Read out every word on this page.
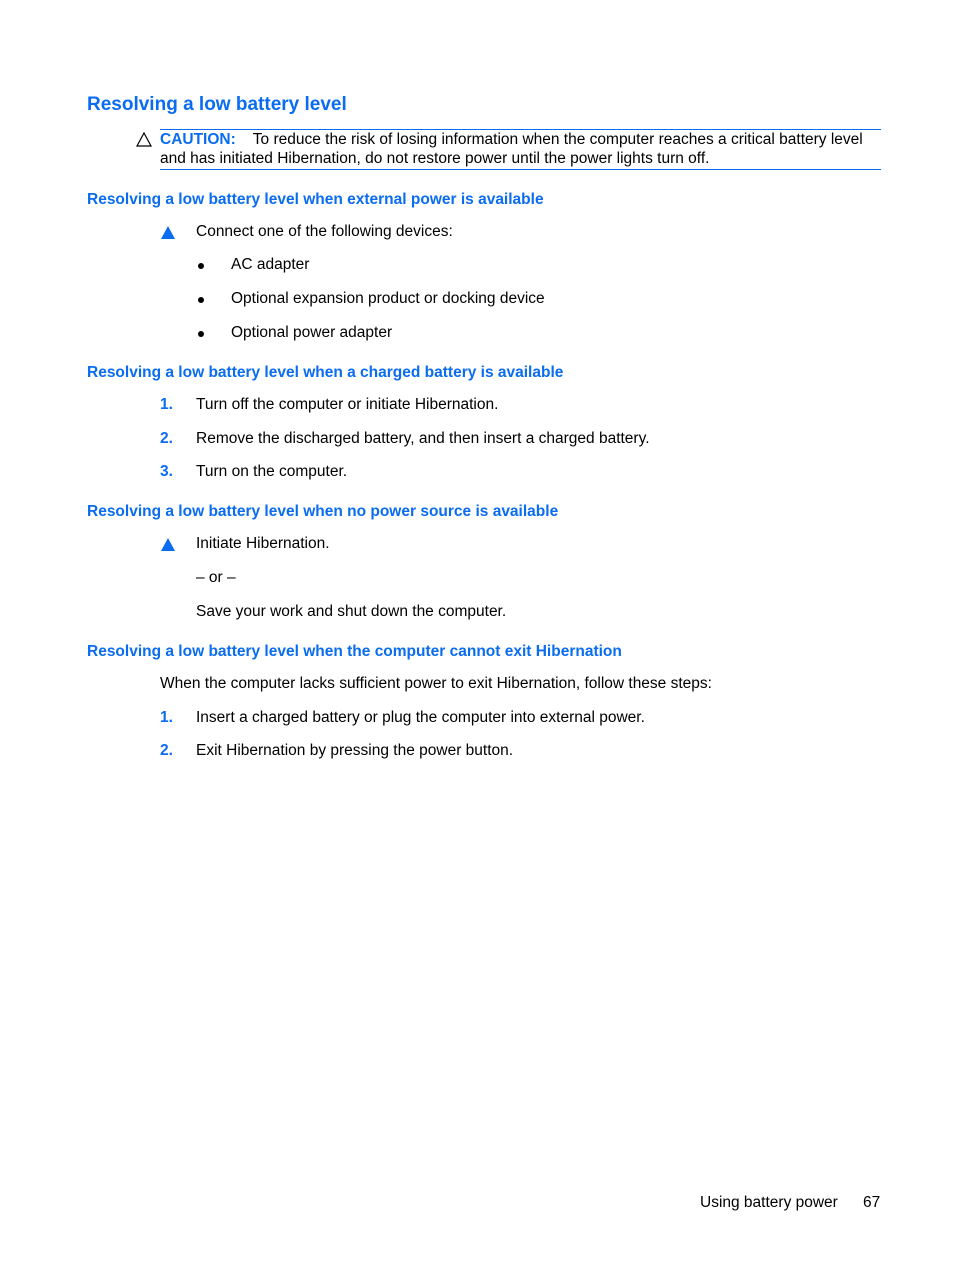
Resolving a low battery level
CAUTION: To reduce the risk of losing information when the computer reaches a critical battery level
and has initiated Hibernation, do not restore power until the power lights turn off.
Resolving a low battery level when external power is available
Connect one of the following devices:
AC adapter
Optional expansion product or docking device
Optional power adapter
Resolving a low battery level when a charged battery is available
1. Turn off the computer or initiate Hibernation.
2. Remove the discharged battery, and then insert a charged battery.
3. Turn on the computer.
Resolving a low battery level when no power source is available
Initiate Hibernation.
– or –
Save your work and shut down the computer.
Resolving a low battery level when the computer cannot exit Hibernation
When the computer lacks sufficient power to exit Hibernation, follow these steps:
1. Insert a charged battery or plug the computer into external power.
2. Exit Hibernation by pressing the power button.
Using battery power 67
